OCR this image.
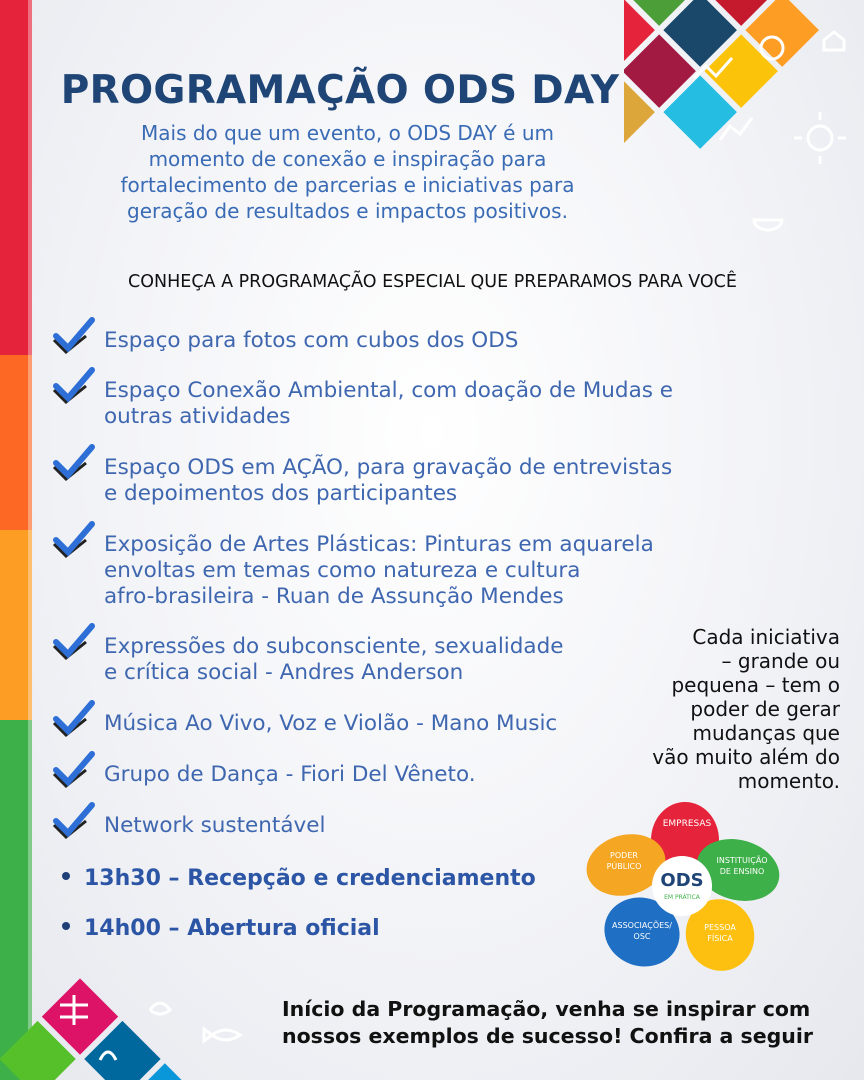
PROGRAMAÇÃO ODS DAY
Mais do que um evento, o ODS DAY é um
momento de conexão e inspiração para
fortalecimento de parcerias e iniciativas para
geração de resultados e impactos positivos.
CONHEÇA A PROGRAMAÇÃO ESPECIAL QUE PREPARAMOS PARA VOCÊ
Espaço para fotos com cubos dos ODS
Espaço Conexão Ambiental, com doação de Mudas e
outras atividades
Espaço ODS em AÇÃO, para gravação de entrevistas
e depoimentos dos participantes
Exposição de Artes Plásticas: Pinturas em aquarela
envoltas em temas como natureza e cultura
afro-brasileira - Ruan de Assunção Mendes
Expressões do subconsciente, sexualidade
e crítica social - Andres Anderson
Música Ao Vivo, Voz e Violão - Mano Music
Grupo de Dança - Fiori Del Vêneto.
Network sustentável
13h30 – Recepção e credenciamento
14h00 – Abertura oficial
Cada iniciativa
– grande ou
pequena – tem o
poder de gerar
mudanças que
vão muito além do
momento.
ODS
EM PRÁTICA
EMPRESAS
INSTITUIÇÃO
DE ENSINO
PESSOA
FÍSICA
ASSOCIAÇÕES/
OSC
PODER
PÚBLICO
Início da Programação, venha se inspirar com
nossos exemplos de sucesso! Confira a seguir
